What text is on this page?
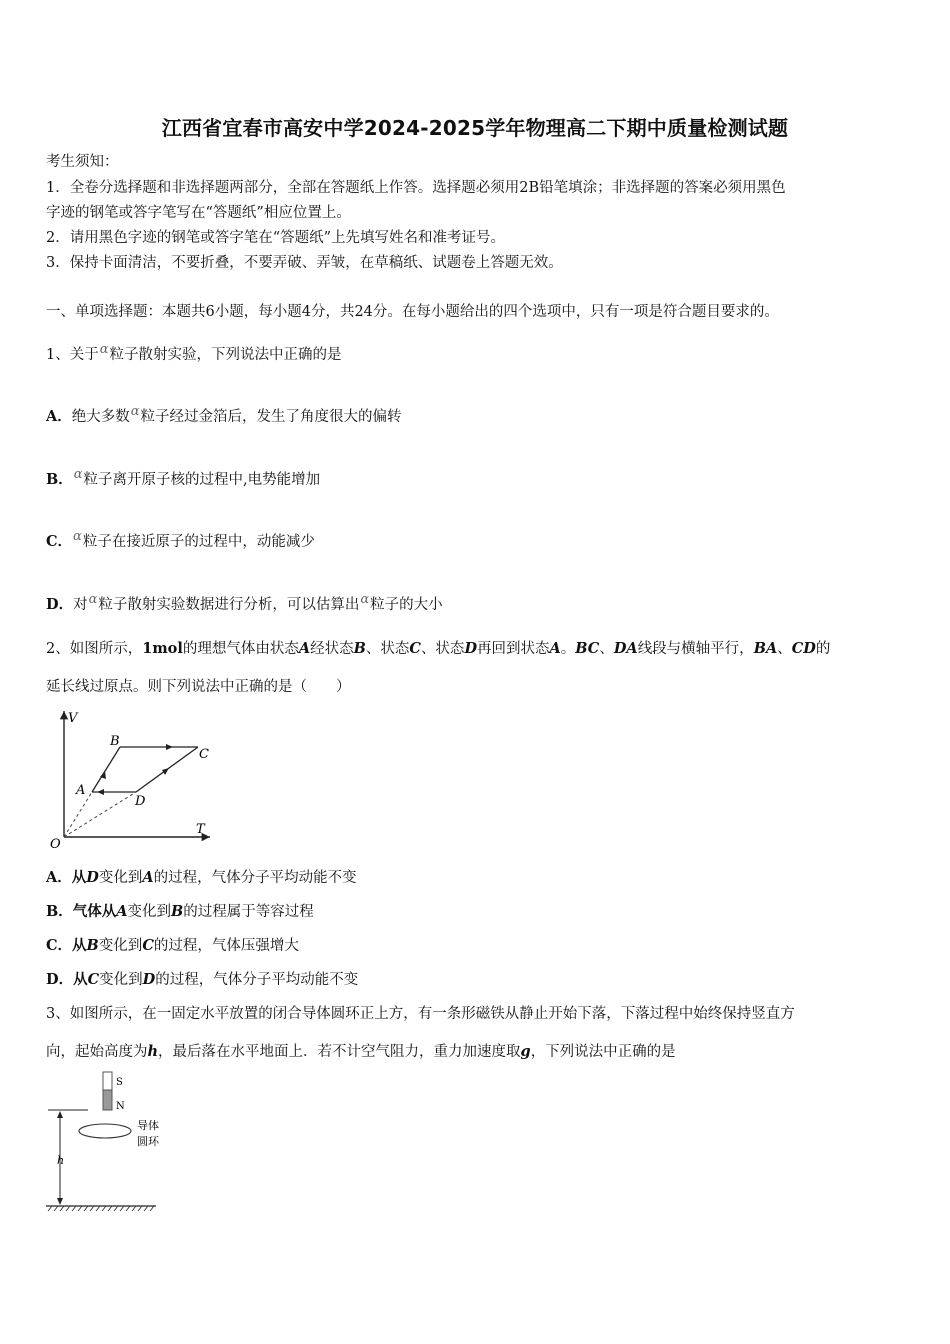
江西省宜春市高安中学2024-2025学年物理高二下期中质量检测试题
考生须知：
1．全卷分选择题和非选择题两部分，全部在答题纸上作答。选择题必须用2B铅笔填涂；非选择题的答案必须用黑色
字迹的钢笔或答字笔写在“答题纸”相应位置上。
2．请用黑色字迹的钢笔或答字笔在“答题纸”上先填写姓名和准考证号。
3．保持卡面清洁，不要折叠，不要弄破、弄皱，在草稿纸、试题卷上答题无效。
一、单项选择题：本题共6小题，每小题4分，共24分。在每小题给出的四个选项中，只有一项是符合题目要求的。
1、关于α粒子散射实验，下列说法中正确的是
A．绝大多数α粒子经过金箔后，发生了角度很大的偏转
B．α粒子离开原子核的过程中,电势能增加
C．α粒子在接近原子的过程中，动能减少
D．对α粒子散射实验数据进行分析，可以估算出α粒子的大小
2、如图所示，1mol的理想气体由状态A经状态B、状态C、状态D再回到状态A。BC、DA线段与横轴平行，BA、CD的
延长线过原点。则下列说法中正确的是（　　）
V
T
O
A
B
C
D
A．从D变化到A的过程，气体分子平均动能不变
B．气体从A变化到B的过程属于等容过程
C．从B变化到C的过程，气体压强增大
D．从C变化到D的过程，气体分子平均动能不变
3、如图所示，在一固定水平放置的闭合导体圆环正上方，有一条形磁铁从静止开始下落，下落过程中始终保持竖直方
向，起始高度为h，最后落在水平地面上．若不计空气阻力，重力加速度取g，下列说法中正确的是
S
N
h
导体
圆环
